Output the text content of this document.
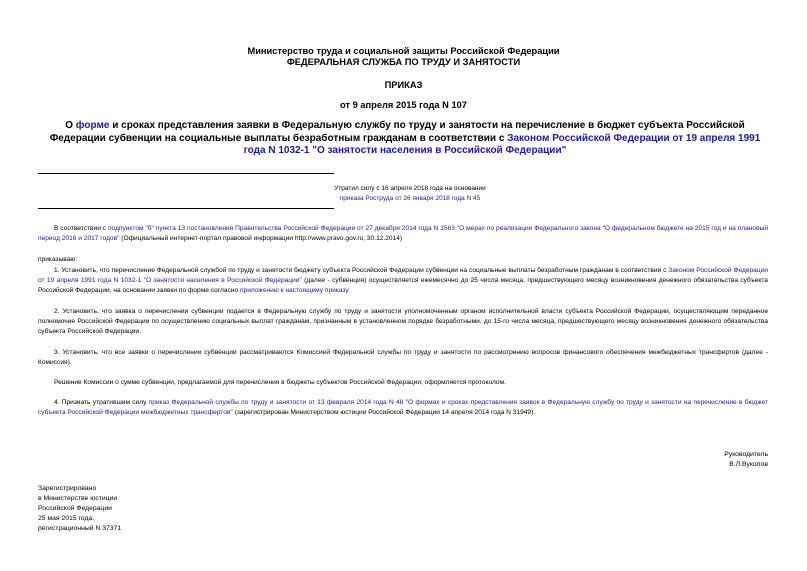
Министерство труда и социальной защиты Российской Федерации
ФЕДЕРАЛЬНАЯ СЛУЖБА ПО ТРУДУ И ЗАНЯТОСТИ
ПРИКАЗ
от 9 апреля 2015 года N 107
О форме и сроках представления заявки в Федеральную службу по труду и занятости на перечисление в бюджет субъекта Российской Федерации субвенции на социальные выплаты безработным гражданам в соответствии с Законом Российской Федерации от 19 апреля 1991 года N 1032-1 "О занятости населения в Российской Федерации"
Утратил силу с 16 апреля 2018 года на основании
приказа Роструда от 26 января 2018 года N 45
В соответствии с подпунктом "б" пункта 13 постановления Правительства Российской Федерации от 27 декабря 2014 года N 1563 "О мерах по реализации Федерального закона "О федеральном бюджете на 2015 год и на плановый период 2016 и 2017 годов" (Официальный интернет-портал правовой информации http://www.pravo.gov.ru, 30.12.2014)
приказываю:
1. Установить, что перечисление Федеральной службой по труду и занятости бюджету субъекта Российской Федерации субвенции на социальные выплаты безработным гражданам в соответствии с Законом Российской Федерации от 19 апреля 1991 года N 1032-1 "О занятости населения в Российской Федерации" (далее - субвенция) осуществляется ежемесячно до 25 числа месяца, предшествующего месяцу возникновения денежного обязательства субъекта Российской Федерации, на основании заявки по форме согласно приложению к настоящему приказу.
2. Установить, что заявка о перечислении субвенции подается в Федеральную службу по труду и занятости уполномоченным органом исполнительной власти субъекта Российской Федерации, осуществляющим переданное полномочие Российской Федерации по осуществлению социальных выплат гражданам, признанным в установленном порядке безработными, до 15-го числа месяца, предшествующего месяцу возникновения денежного обязательства субъекта Российской Федерации.
3. Установить, что все заявки о перечислении субвенции рассматриваются Комиссией Федеральной службы по труду и занятости по рассмотрению вопросов финансового обеспечения межбюджетных трансфертов (далее - Комиссия).
Решение Комиссии о сумме субвенции, предлагаемой для перечисления в бюджеты субъектов Российской Федерации, оформляется протоколом.
4. Признать утратившим силу приказ Федеральной службы по труду и занятости от 13 февраля 2014 года N 48 "О формах и сроках представления заявок в Федеральную службу по труду и занятости на перечисление в бюджет субъекта Российской Федерации межбюджетных трансфертов" (зарегистрирован Министерством юстиции Российской Федерации 14 апреля 2014 года N 31949).
Руководитель
В.Л.Вуколов
Зарегистрировано
в Министерстве юстиции
Российской Федерации
25 мая 2015 года,
регистрационный N 37371
